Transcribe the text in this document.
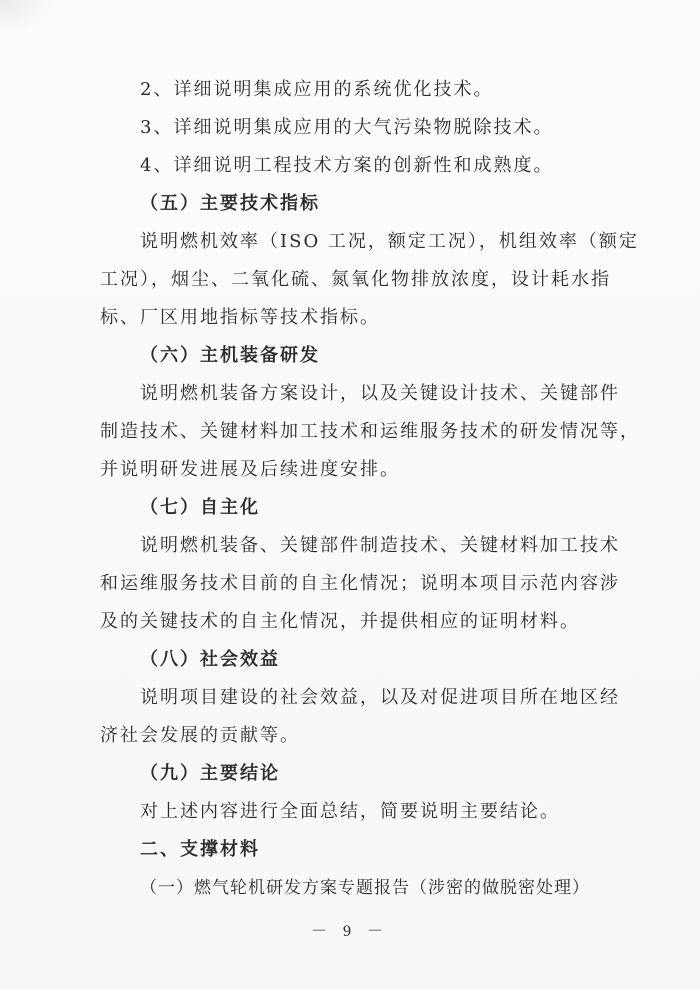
2、详细说明集成应用的系统优化技术。
3、详细说明集成应用的大气污染物脱除技术。
4、详细说明工程技术方案的创新性和成熟度。
（五）主要技术指标
说明燃机效率（ISO 工况，额定工况），机组效率（额定
工况），烟尘、二氧化硫、氮氧化物排放浓度，设计耗水指
标、厂区用地指标等技术指标。
（六）主机装备研发
说明燃机装备方案设计，以及关键设计技术、关键部件
制造技术、关键材料加工技术和运维服务技术的研发情况等，
并说明研发进展及后续进度安排。
（七）自主化
说明燃机装备、关键部件制造技术、关键材料加工技术
和运维服务技术目前的自主化情况；说明本项目示范内容涉
及的关键技术的自主化情况，并提供相应的证明材料。
（八）社会效益
说明项目建设的社会效益，以及对促进项目所在地区经
济社会发展的贡献等。
（九）主要结论
对上述内容进行全面总结，简要说明主要结论。
二、支撑材料
（一）燃气轮机研发方案专题报告（涉密的做脱密处理）
－ 9 －
